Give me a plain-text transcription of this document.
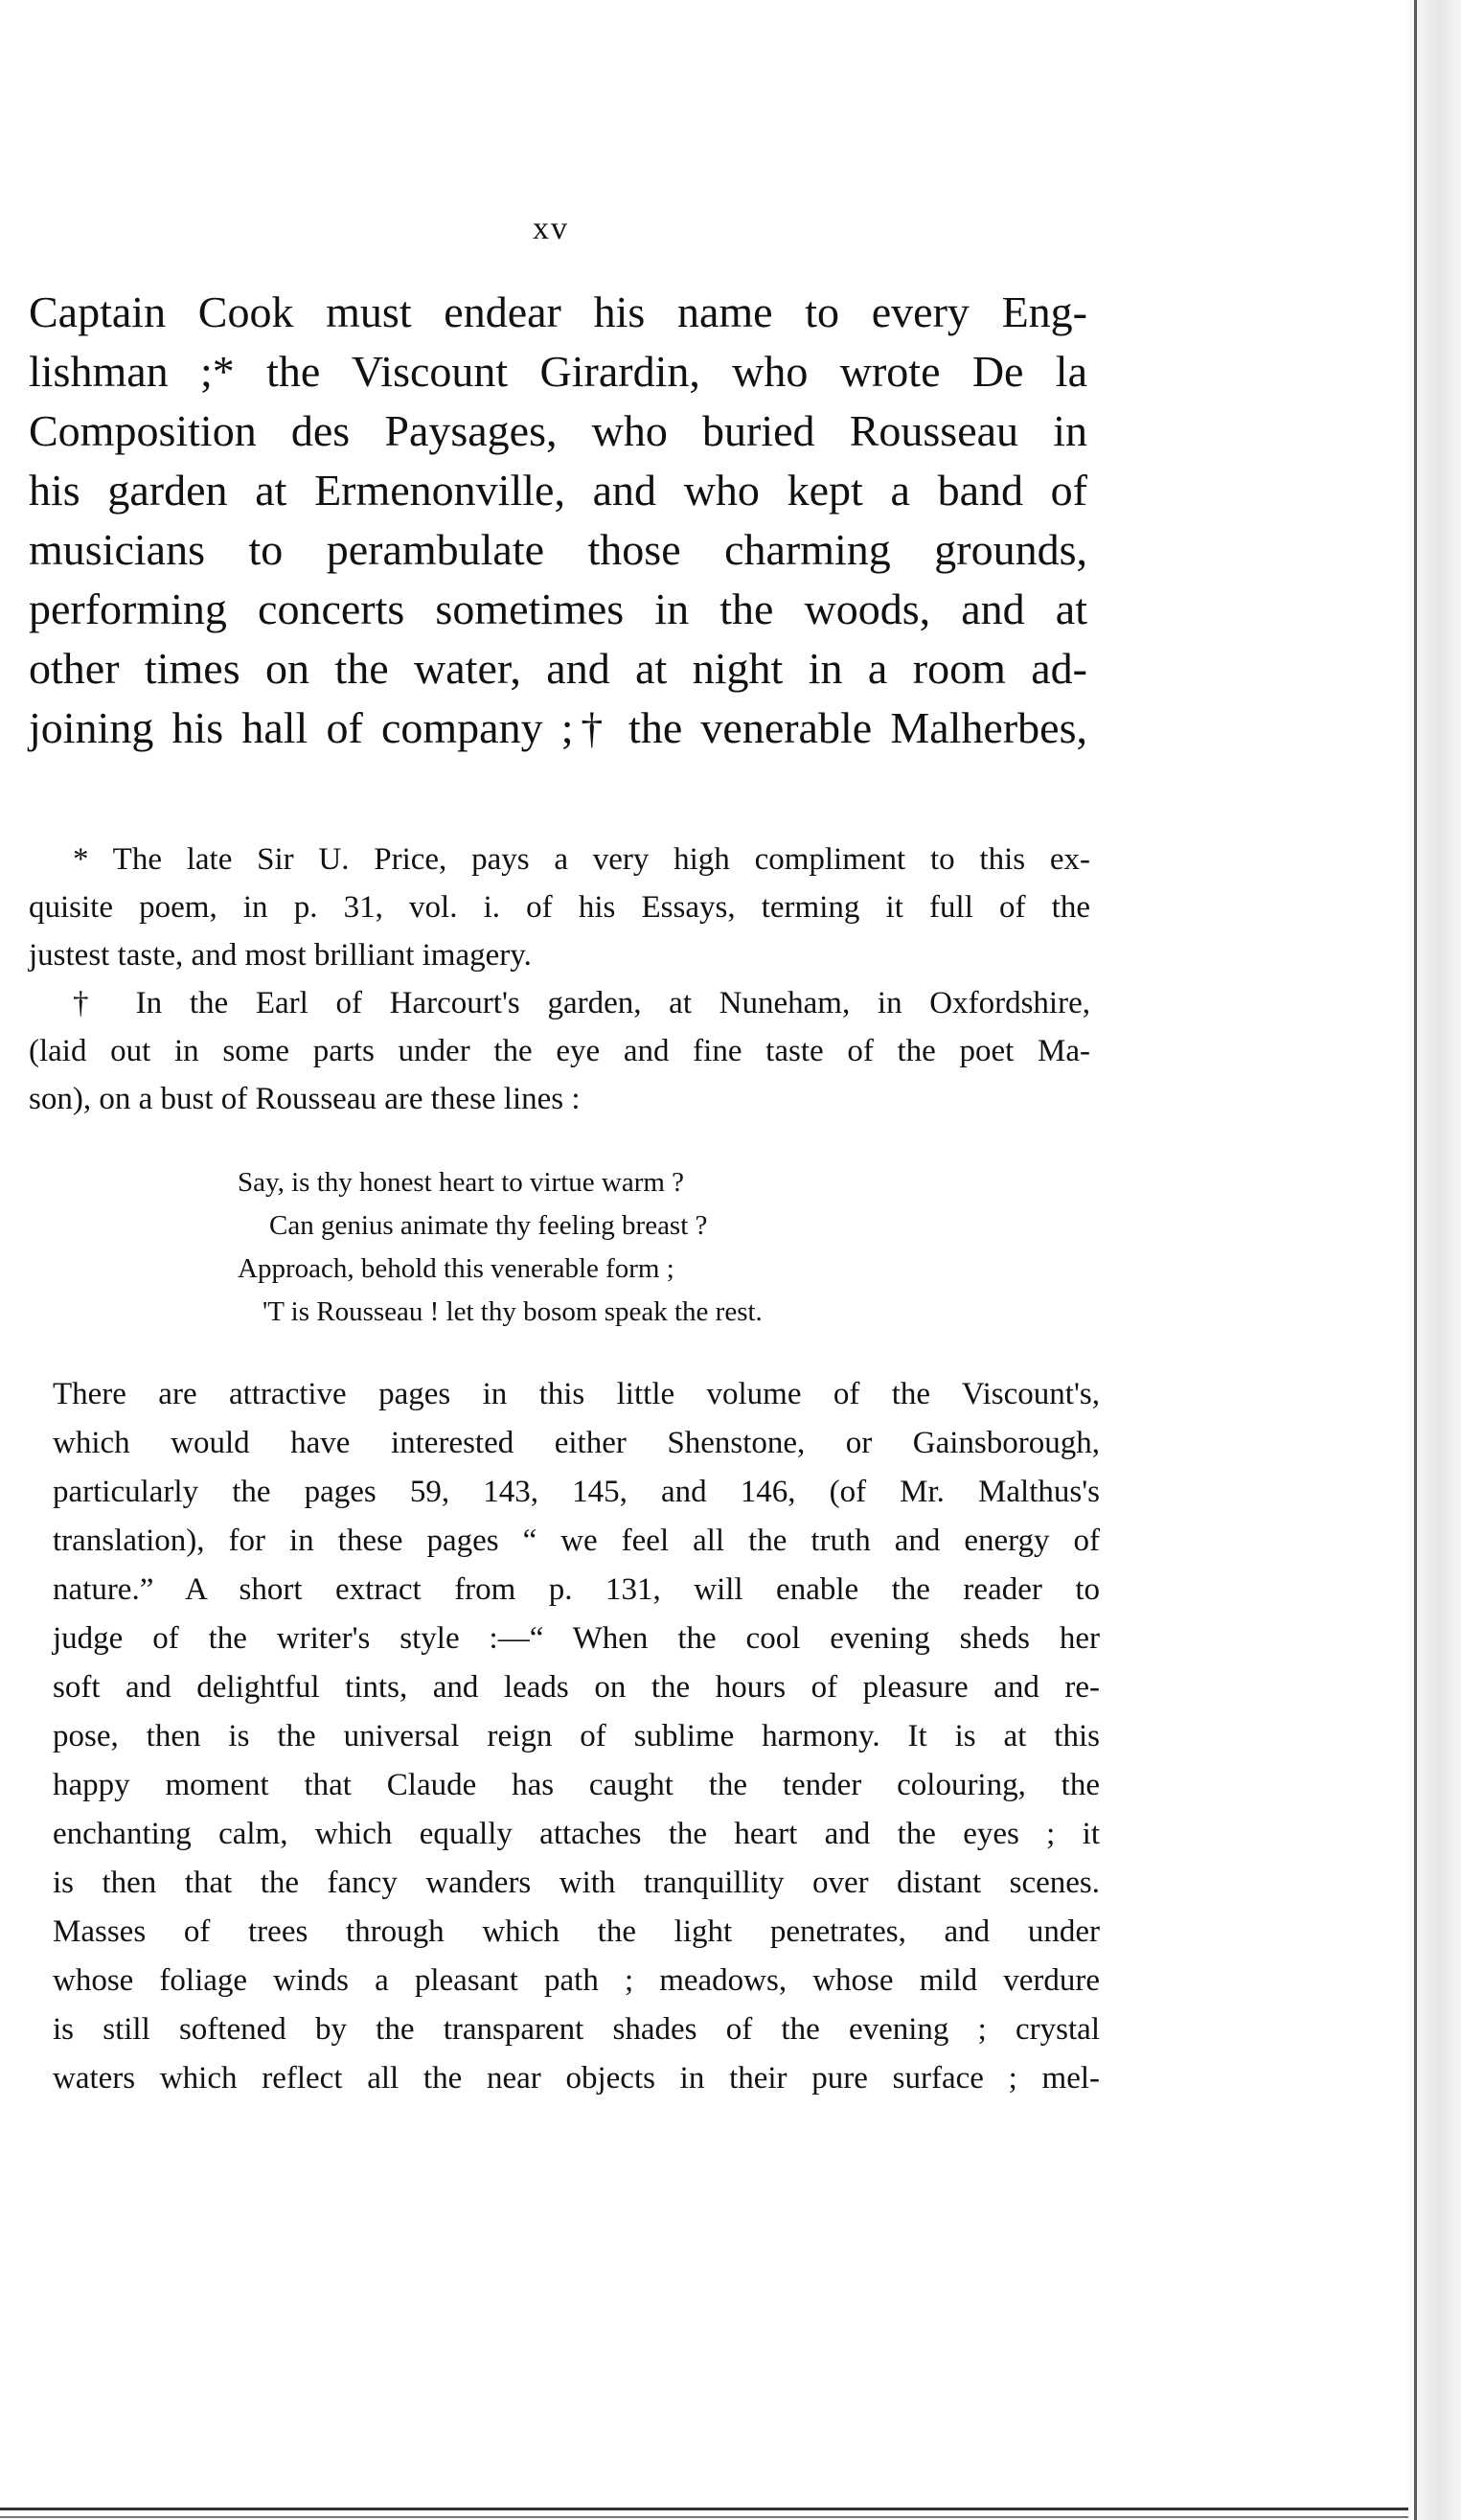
xv
Captain Cook must endear his name to every Eng-
lishman ;* the Viscount Girardin, who wrote De la
Composition des Paysages, who buried Rousseau in
his garden at Ermenonville, and who kept a band of
musicians to perambulate those charming grounds,
performing concerts sometimes in the woods, and at
other times on the water, and at night in a room ad-
joining his hall of company ;† the venerable Malherbes,
* The late Sir U. Price, pays a very high compliment to this ex-
quisite poem, in p. 31, vol. i. of his Essays, terming it full of the
justest taste, and most brilliant imagery.
† In the Earl of Harcourt's garden, at Nuneham, in Oxfordshire,
(laid out in some parts under the eye and fine taste of the poet Ma-
son), on a bust of Rousseau are these lines :
Say, is thy honest heart to virtue warm ?
Can genius animate thy feeling breast ?
Approach, behold this venerable form ;
'T is Rousseau ! let thy bosom speak the rest.
There are attractive pages in this little volume of the Viscount's,
which would have interested either Shenstone, or Gainsborough,
particularly the pages 59, 143, 145, and 146, (of Mr. Malthus's
translation), for in these pages “ we feel all the truth and energy of
nature.” A short extract from p. 131, will enable the reader to
judge of the writer's style :—“ When the cool evening sheds her
soft and delightful tints, and leads on the hours of pleasure and re-
pose, then is the universal reign of sublime harmony. It is at this
happy moment that Claude has caught the tender colouring, the
enchanting calm, which equally attaches the heart and the eyes ; it
is then that the fancy wanders with tranquillity over distant scenes.
Masses of trees through which the light penetrates, and under
whose foliage winds a pleasant path ; meadows, whose mild verdure
is still softened by the transparent shades of the evening ; crystal
waters which reflect all the near objects in their pure surface ; mel-
